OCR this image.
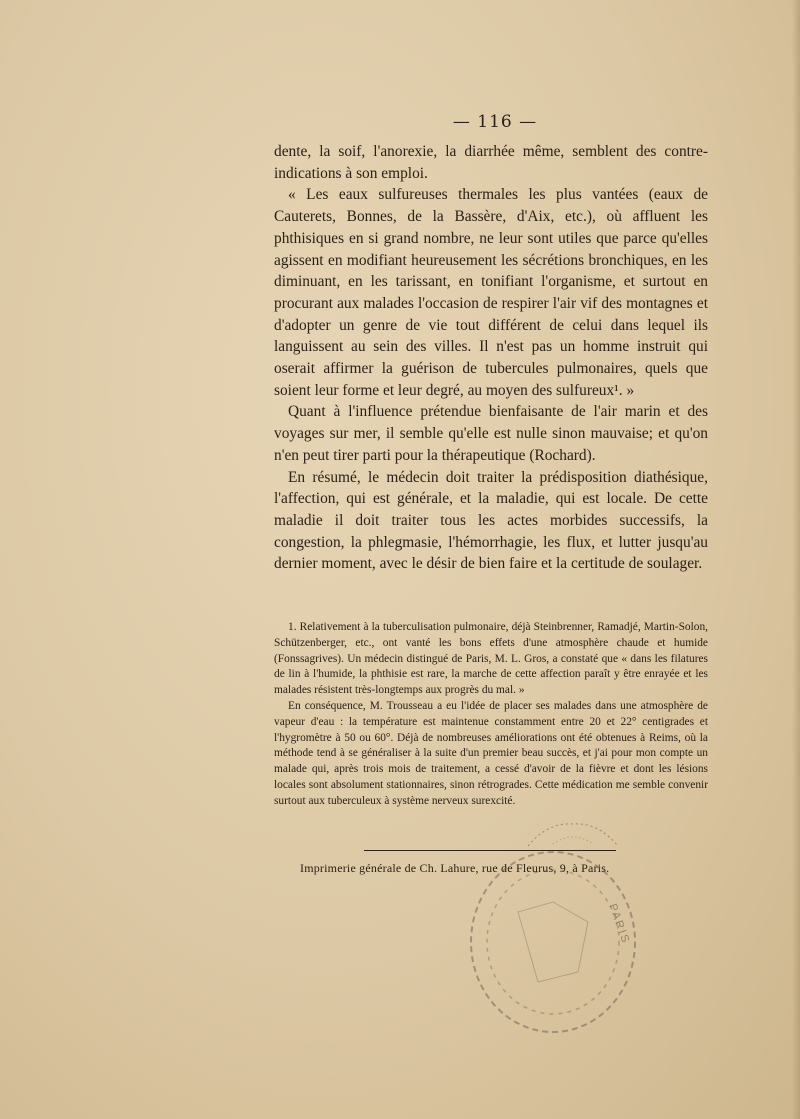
— 116 —

dente, la soif, l'anorexie, la diarrhée même, semblent des contre-indications à son emploi.

« Les eaux sulfureuses thermales les plus vantées (eaux de Cauterets, Bonnes, de la Bassère, d'Aix, etc.), où affluent les phthisiques en si grand nombre, ne leur sont utiles que parce qu'elles agissent en modifiant heureusement les sécrétions bronchiques, en les diminuant, en les tarissant, en tonifiant l'organisme, et surtout en procurant aux malades l'occasion de respirer l'air vif des montagnes et d'adopter un genre de vie tout différent de celui dans lequel ils languissent au sein des villes. Il n'est pas un homme instruit qui oserait affirmer la guérison de tubercules pulmonaires, quels que soient leur forme et leur degré, au moyen des sulfureux¹. »

Quant à l'influence prétendue bienfaisante de l'air marin et des voyages sur mer, il semble qu'elle est nulle sinon mauvaise; et qu'on n'en peut tirer parti pour la thérapeutique (Rochard).

En résumé, le médecin doit traiter la prédisposition diathésique, l'affection, qui est générale, et la maladie, qui est locale. De cette maladie il doit traiter tous les actes morbides successifs, la congestion, la phlegmasie, l'hémorrhagie, les flux, et lutter jusqu'au dernier moment, avec le désir de bien faire et la certitude de soulager.

1. Relativement à la tuberculisation pulmonaire, déjà Steinbrenner, Ramadjé, Martin-Solon, Schützenberger, etc., ont vanté les bons effets d'une atmosphère chaude et humide (Fonssagrives). Un médecin distingué de Paris, M. L. Gros, a constaté que « dans les filatures de lin à l'humide, la phthisie est rare, la marche de cette affection paraît y être enrayée et les malades résistent très-longtemps aux progrès du mal. »

En conséquence, M. Trousseau a eu l'idée de placer ses malades dans une atmosphère de vapeur d'eau : la température est maintenue constamment entre 20 et 22° centigrades et l'hygromètre à 50 ou 60°. Déjà de nombreuses améliorations ont été obtenues à Reims, où la méthode tend à se généraliser à la suite d'un premier beau succès, et j'ai pour mon compte un malade qui, après trois mois de traitement, a cessé d'avoir de la fièvre et dont les lésions locales sont absolument stationnaires, sinon rétrogrades. Cette médication me semble convenir surtout aux tuberculeux à système nerveux surexcité.

Imprimerie générale de Ch. Lahure, rue de Fleurus, 9, à Paris.
PARIS
